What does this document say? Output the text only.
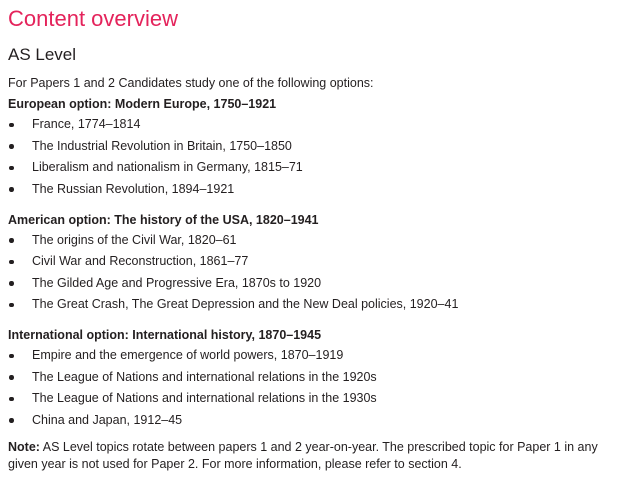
Content overview
AS Level

For Papers 1 and 2 Candidates study one of the following options:

European option: Modern Europe, 1750–1921
France, 1774–1814
The Industrial Revolution in Britain, 1750–1850
Liberalism and nationalism in Germany, 1815–71
The Russian Revolution, 1894–1921
American option: The history of the USA, 1820–1941
The origins of the Civil War, 1820–61
Civil War and Reconstruction, 1861–77
The Gilded Age and Progressive Era, 1870s to 1920
The Great Crash, The Great Depression and the New Deal policies, 1920–41
International option: International history, 1870–1945
Empire and the emergence of world powers, 1870–1919
The League of Nations and international relations in the 1920s
The League of Nations and international relations in the 1930s
China and Japan, 1912–45

Note: AS Level topics rotate between papers 1 and 2 year-on-year. The prescribed topic for Paper 1 in any given year is not used for Paper 2. For more information, please refer to section 4.
